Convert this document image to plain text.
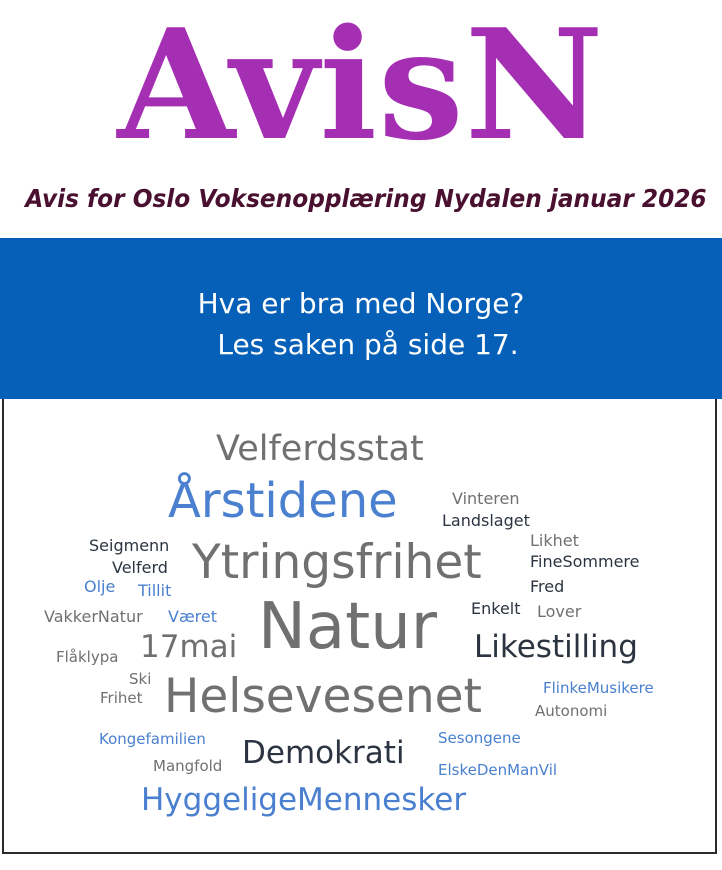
AvisN
Avis for Oslo Voksenopplæring Nydalen januar 2026
Hva er bra med Norge?
Les saken på side 17.
Velferdsstat
Årstidene	Vinteren
Landslaget
Seigmenn Ytringsfrihet	Likhet
Velferd	FineSommere
Olje Tillit	Fred
VakkerNatur Været	Enkelt Lover
17mai Natur Likestilling
Flåklypa
Ski
Frihet Helsevesenet	FlinkeMusikere
Autonomi
Kongefamilien	Sesongene
Demokrati
Mangfold	ElskeDenManVil
HyggeligeMennesker
